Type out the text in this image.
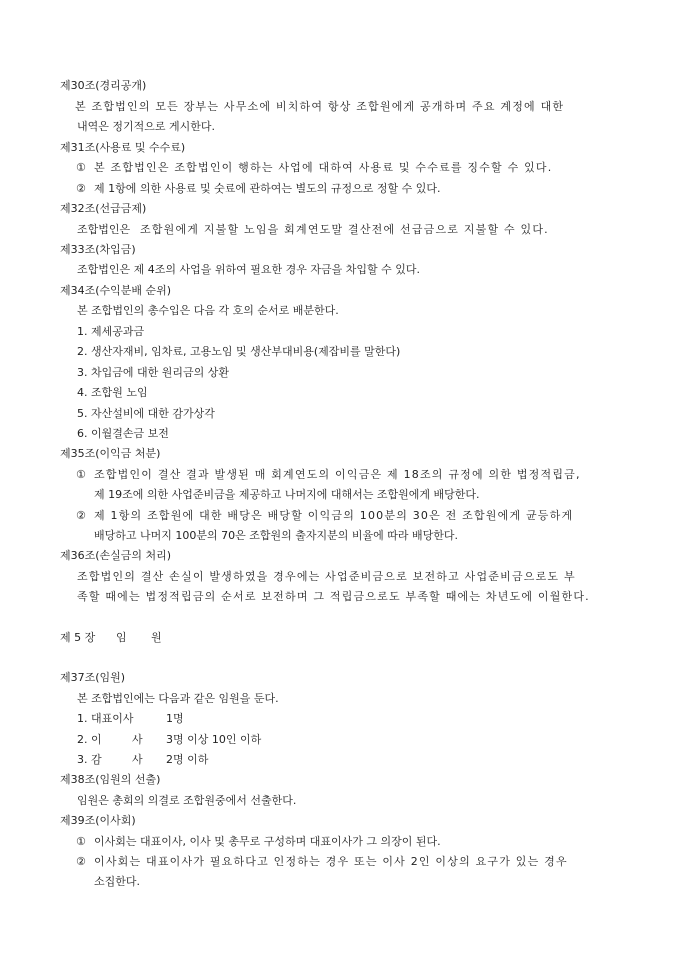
제30조(경리공개)
본 조합법인의 모든 장부는 사무소에 비치하여 항상 조합원에게 공개하며 주요 계정에 대한
내역은 정기적으로 게시한다.
제31조(사용료 및 수수료)
① 본 조합법인은 조합법인이 행하는 사업에 대하여 사용료 및 수수료를 징수할 수 있다.
② 제 1항에 의한 사용료 및 숫료에 관하여는 별도의 규정으로 정할 수 있다.
제32조(선급금제)
조합법인은 조합원에게 지불할 노임을 회계연도말 결산전에 선급금으로 지불할 수 있다.
제33조(차입금)
조합법인은 제 4조의 사업을 위하여 필요한 경우 자금을 차입할 수 있다.
제34조(수익분배 순위)
본 조합법인의 총수입은 다음 각 호의 순서로 배분한다.
1. 제세공과금
2. 생산자재비, 임차료, 고용노임 및 생산부대비용(제잡비를 말한다)
3. 차입금에 대한 원리금의 상환
4. 조합원 노임
5. 자산설비에 대한 감가상각
6. 이월결손금 보전
제35조(이익금 처분)
① 조합법인이 결산 결과 발생된 매 회계연도의 이익금은 제 18조의 규정에 의한 법정적립금,
제 19조에 의한 사업준비금을 제공하고 나머지에 대해서는 조합원에게 배당한다.
② 제 1항의 조합원에 대한 배당은 배당할 이익금의 100분의 30은 전 조합원에게 균등하게
배당하고 나머지 100분의 70은 조합원의 출자지분의 비율에 따라 배당한다.
제36조(손실금의 처리)
조합법인의 결산 손실이 발생하였을 경우에는 사업준비금으로 보전하고 사업준비금으로도 부
족할 때에는 법정적립금의 순서로 보전하며 그 적립금으로도 부족할 때에는 차년도에 이월한다.
제 5 장 임 원
제37조(임원)
본 조합법인에는 다음과 같은 임원을 둔다.
1. 대표이사	1명
2. 이	사 3명 이상 10인 이하
3. 감	사 2명 이하
제38조(임원의 선출)
임원은 총회의 의결로 조합원중에서 선출한다.
제39조(이사회)
① 이사회는 대표이사, 이사 및 총무로 구성하며 대표이사가 그 의장이 된다.
② 이사회는 대표이사가 필요하다고 인정하는 경우 또는 이사 2인 이상의 요구가 있는 경우
소집한다.
